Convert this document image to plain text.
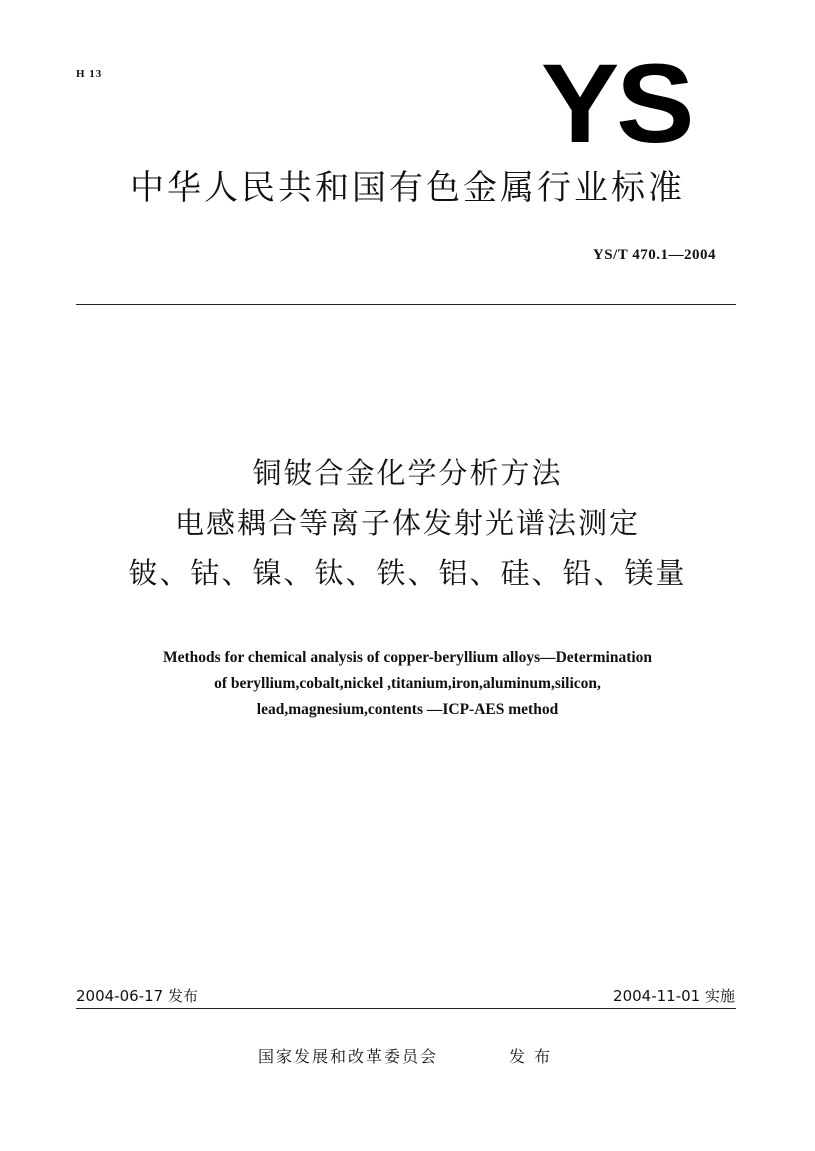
H 13	YS
中华人民共和国有色金属行业标准
YS/T 470.1—2004
铜铍合金化学分析方法
电感耦合等离子体发射光谱法测定
铍、钴、镍、钛、铁、铝、硅、铅、镁量
Methods for chemical analysis of copper-beryllium alloys—Determination
of beryllium,cobalt,nickel ,titanium,iron,aluminum,silicon,
lead,magnesium,contents —ICP-AES method
2004-06-17 发布	2004-11-01 实施
国家发展和改革委员会	发 布
